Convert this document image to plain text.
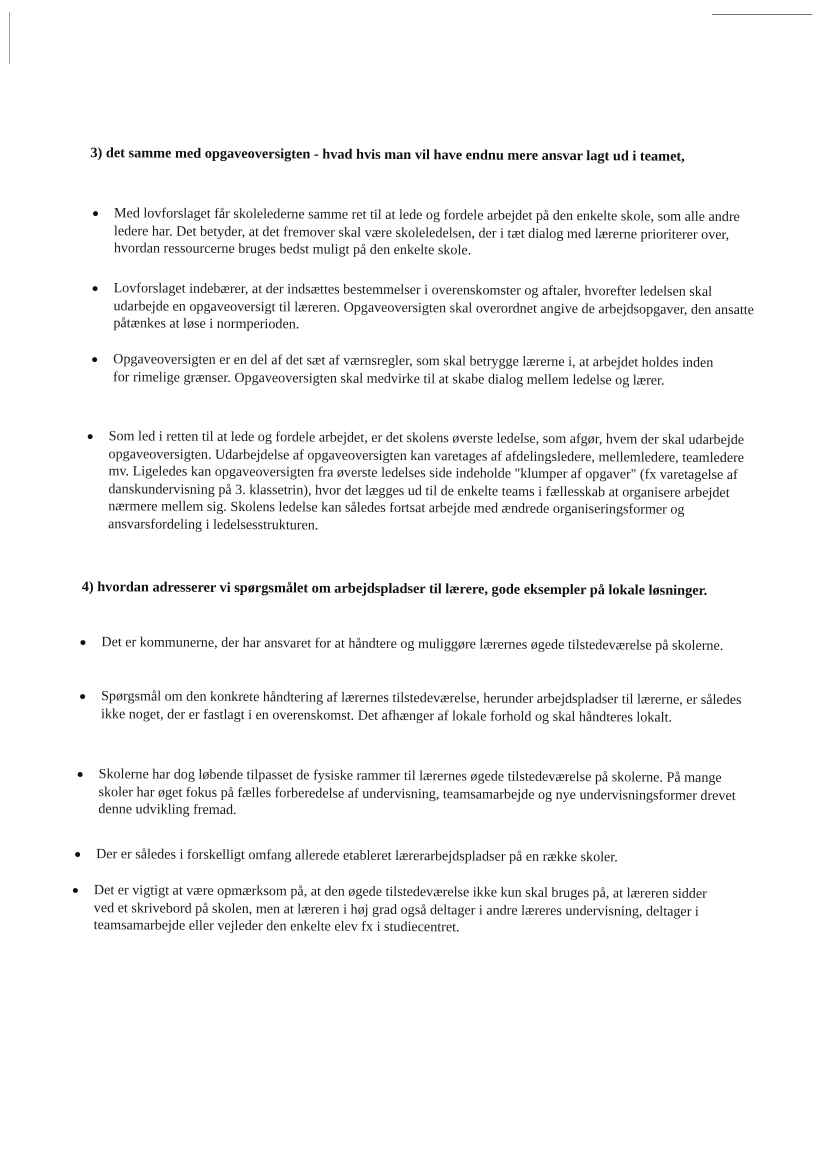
3) det samme med opgaveoversigten - hvad hvis man vil have endnu mere ansvar lagt ud i teamet,
Med lovforslaget får skolelederne samme ret til at lede og fordele arbejdet på den enkelte skole, som alle andre ledere har. Det betyder, at det fremover skal være skoleledelsen, der i tæt dialog med lærerne prioriterer over, hvordan ressourcerne bruges bedst muligt på den enkelte skole.
Lovforslaget indebærer, at der indsættes bestemmelser i overenskomster og aftaler, hvorefter ledelsen skal udarbejde en opgaveoversigt til læreren. Opgaveoversigten skal overordnet angive de arbejdsopgaver, den ansatte påtænkes at løse i normperioden.
Opgaveoversigten er en del af det sæt af værnsregler, som skal betrygge lærerne i, at arbejdet holdes inden for rimelige grænser. Opgaveoversigten skal medvirke til at skabe dialog mellem ledelse og lærer.
Som led i retten til at lede og fordele arbejdet, er det skolens øverste ledelse, som afgør, hvem der skal udarbejde opgaveoversigten. Udarbejdelse af opgaveoversigten kan varetages af afdelingsledere, mellemledere, teamledere mv. Ligeledes kan opgaveoversigten fra øverste ledelses side indeholde "klumper af opgaver" (fx varetagelse af danskundervisning på 3. klassetrin), hvor det lægges ud til de enkelte teams i fællesskab at organisere arbejdet nærmere mellem sig. Skolens ledelse kan således fortsat arbejde med ændrede organiseringsformer og ansvarsfordeling i ledelsesstrukturen.
4) hvordan adresserer vi spørgsmålet om arbejdspladser til lærere, gode eksempler på lokale løsninger.
Det er kommunerne, der har ansvaret for at håndtere og muliggøre lærernes øgede tilstedeværelse på skolerne.
Spørgsmål om den konkrete håndtering af lærernes tilstedeværelse, herunder arbejdspladser til lærerne, er således ikke noget, der er fastlagt i en overenskomst. Det afhænger af lokale forhold og skal håndteres lokalt.
Skolerne har dog løbende tilpasset de fysiske rammer til lærernes øgede tilstedeværelse på skolerne. På mange skoler har øget fokus på fælles forberedelse af undervisning, teamsamarbejde og nye undervisningsformer drevet denne udvikling fremad.
Der er således i forskelligt omfang allerede etableret lærerarbejdspladser på en række skoler.
Det er vigtigt at være opmærksom på, at den øgede tilstedeværelse ikke kun skal bruges på, at læreren sidder ved et skrivebord på skolen, men at læreren i høj grad også deltager i andre læreres undervisning, deltager i teamsamarbejde eller vejleder den enkelte elev fx i studiecentret.
